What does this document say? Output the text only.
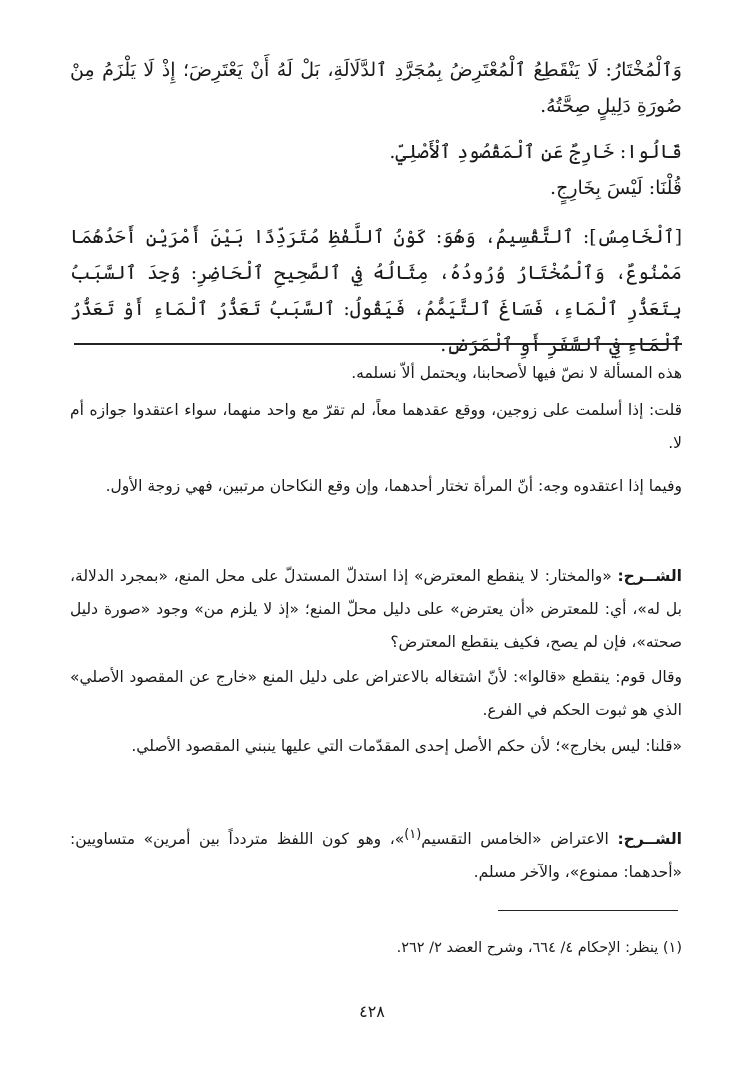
وَٱلْمُخْتَارُ: لَا يَنْقَطِعُ ٱلْمُعْتَرِضُ بِمُجَرَّدِ ٱلدَّلَالَةِ، بَلْ لَهُ أَنْ يَعْتَرِضَ؛ إِذْ لَا يَلْزَمُ مِنْ صُورَةِ دَلِيلٍ صِحَّتُهُ.

قَالُوا: خَارِجٌ عَنِ ٱلْمَقْصُودِ ٱلْأَصْلِيِّ.

قُلْنَا: لَيْسَ بِخَارِجٍ.

[ٱلْخَامِسُ]: ٱلتَّقْسِيمُ، وَهُوَ: كَوْنُ ٱللَّفْظِ مُتَرَدِّدًا بَيْنَ أَمْرَيْنِ أَحَدُهُمَا مَمْنُوعٌ، وَٱلْمُخْتَارُ وُرُودُهُ، مِثَالُهُ فِي ٱلصَّحِيحِ ٱلْحَاضِرِ: وُجِدَ ٱلسَّبَبُ بِتَعَذُّرِ ٱلْمَاءِ، فَسَاغَ ٱلتَّيَمُّمُ، فَيَقُولُ: ٱلسَّبَبُ تَعَذُّرُ ٱلْمَاءِ أَوْ تَعَذُّرُ ٱلْمَاءِ فِي ٱلسَّفَرِ أَوِ ٱلْمَرَضِ.

هذه المسألة لا نصّ فيها لأصحابنا، ويحتمل ألاّ نسلمه.

قلت: إذا أسلمت على زوجين، ووقع عقدهما معاً، لم تقرّ مع واحد منهما، سواء اعتقدوا جوازه أم لا.

وفيما إذا اعتقدوه وجه: أنّ المرأة تختار أحدهما، وإن وقع النكاحان مرتبين، فهي زوجة الأول.

الشــرح: «والمختار: لا ينقطع المعترض» إذا استدلّ المستدلّ على محل المنع، «بمجرد الدلالة، بل له»، أي: للمعترض «أن يعترض» على دليل محلّ المنع؛ «إذ لا يلزم من» وجود «صورة دليل صحته»، فإن لم يصح، فكيف ينقطع المعترض؟

وقال قوم: ينقطع «قالوا»: لأنّ اشتغاله بالاعتراض على دليل المنع «خارج عن المقصود الأصلي» الذي هو ثبوت الحكم في الفرع.

«قلنا: ليس بخارج»؛ لأن حكم الأصل إحدى المقدّمات التي عليها ينبني المقصود الأصلي.

الشــرح: الاعتراض «الخامس التقسيم$^{(١)}$»، وهو كون اللفظ متردداً بين أمرين» متساويين: «أحدهما: ممنوع»، والآخر مسلم.

(١) ينظر: الإحكام ٤/ ٦٦٤، وشرح العضد ٢/ ٢٦٢.

٤٢٨
